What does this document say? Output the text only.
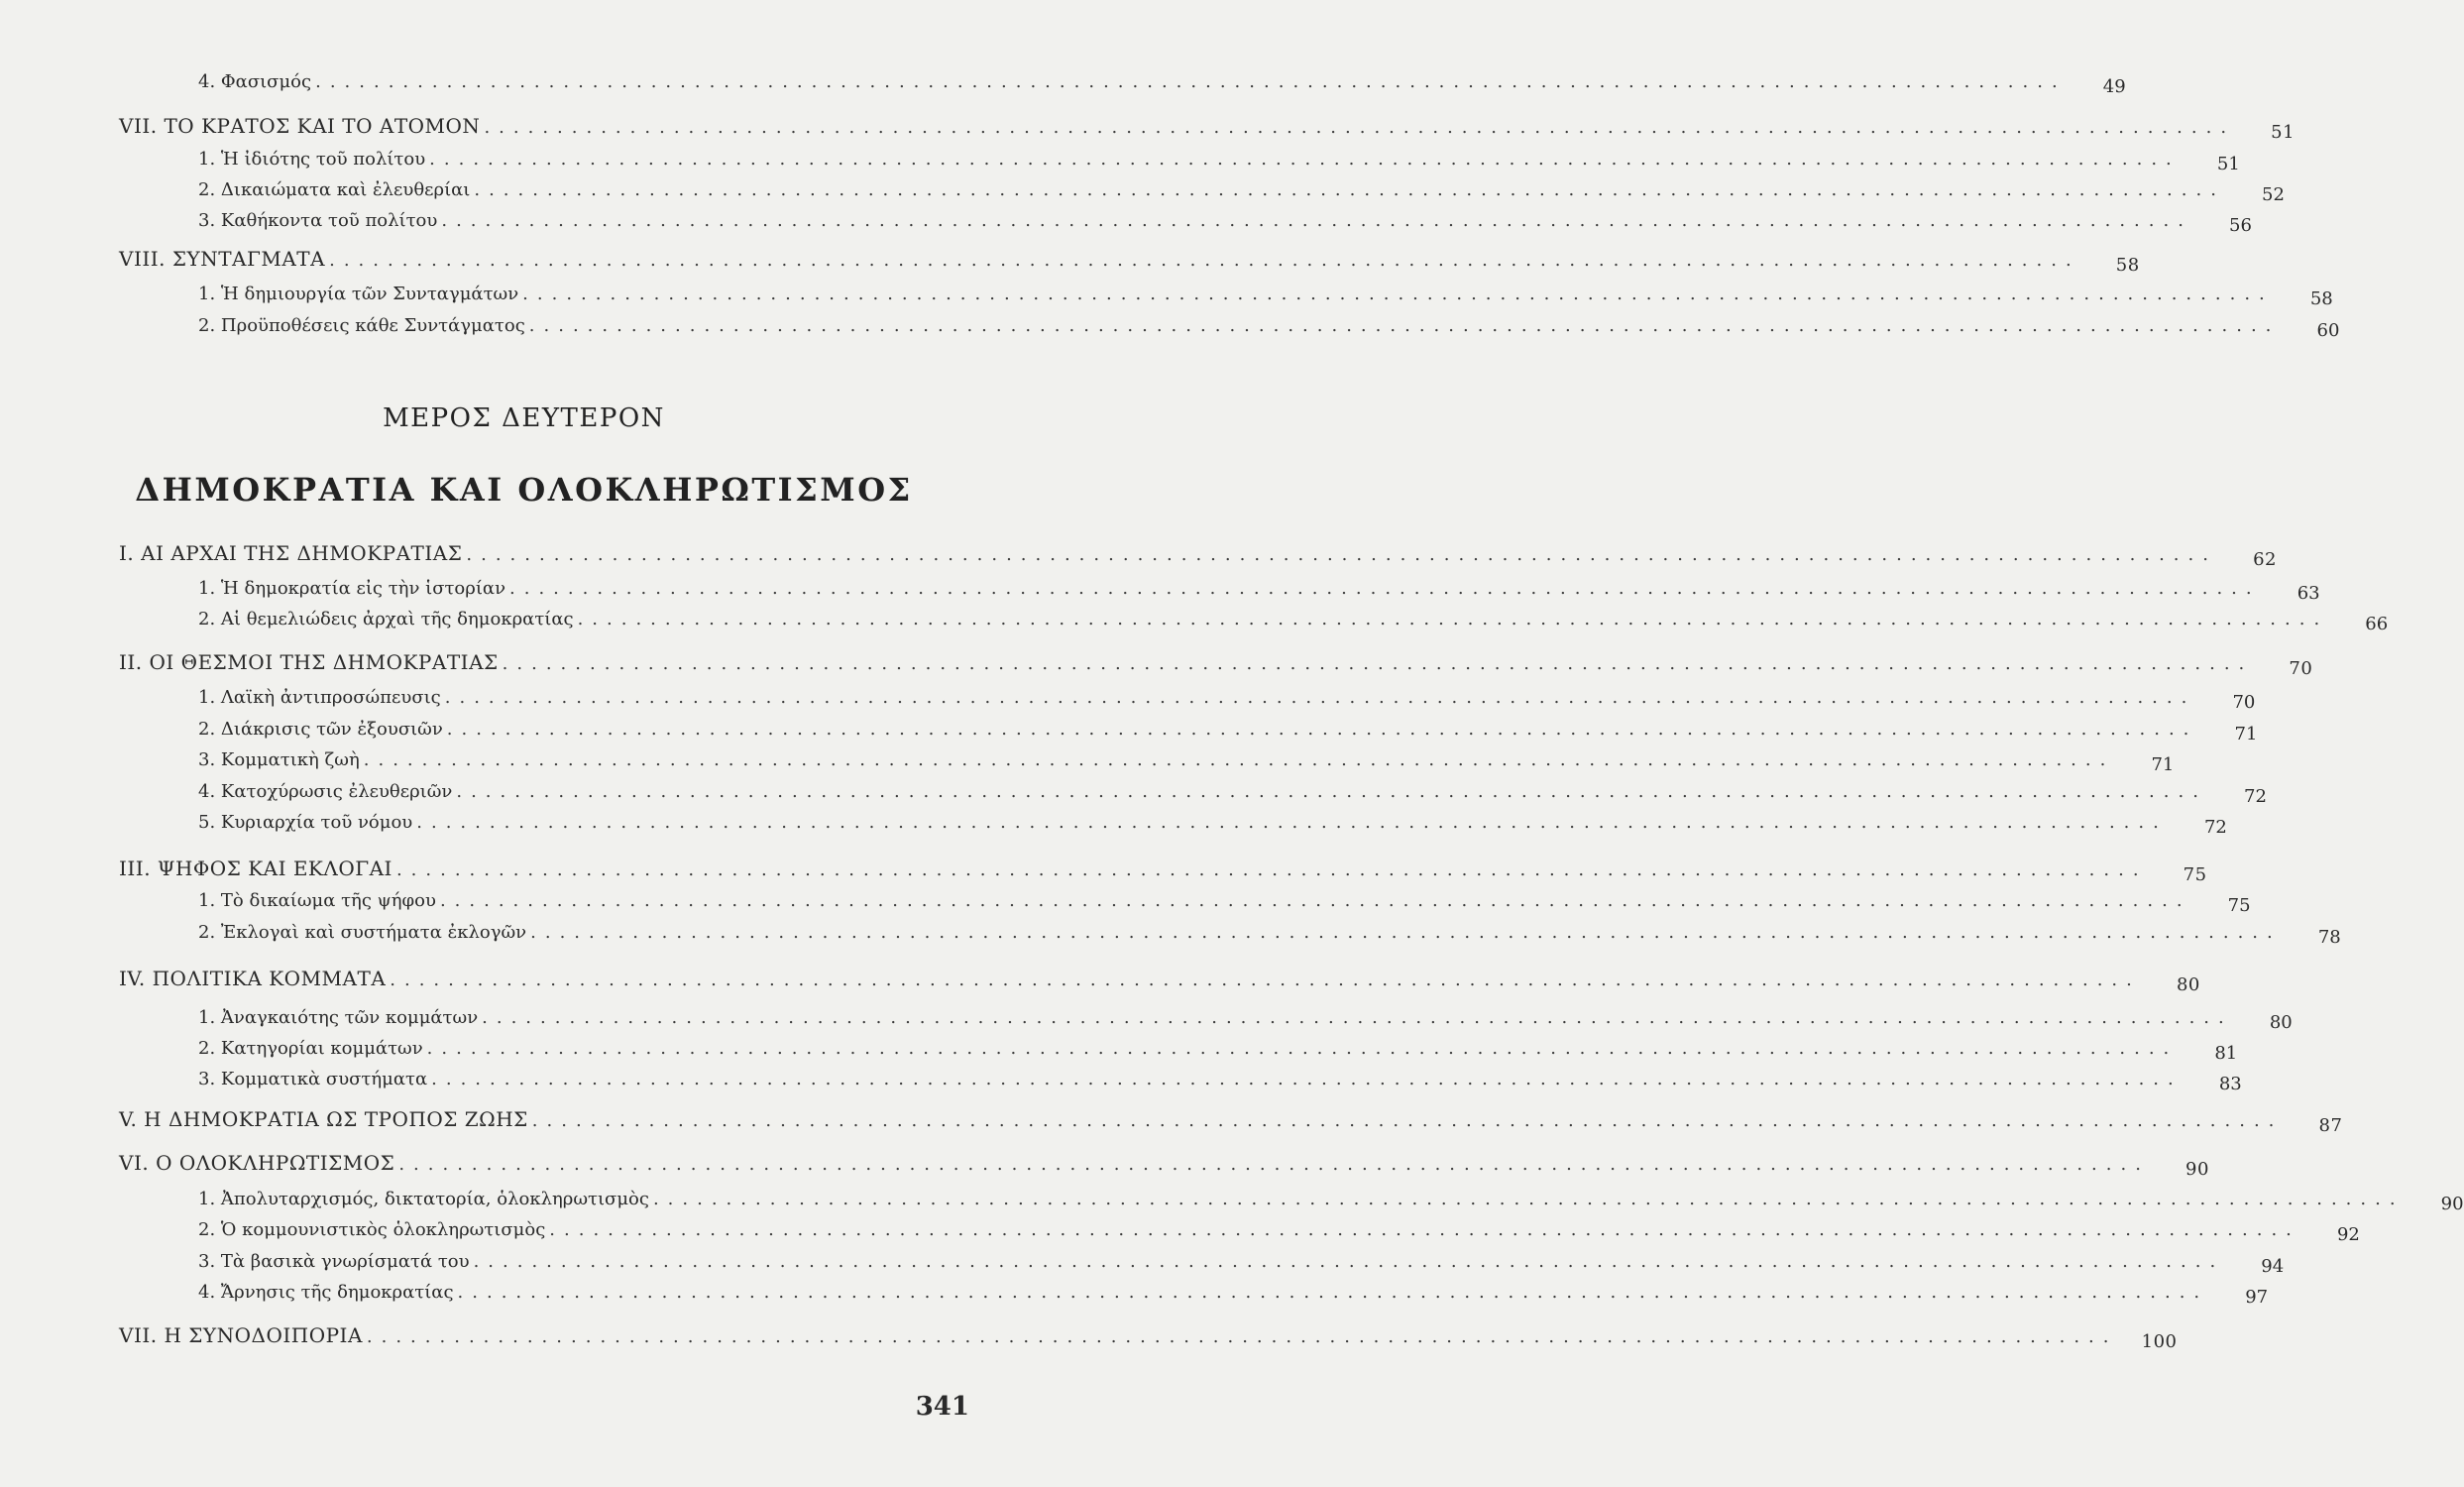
4. Φασισμός ........................................................................................................................	49
VII. ΤΟ ΚΡΑΤΟΣ ΚΑΙ ΤΟ ΑΤΟΜΟΝ ........................................................................................................................	51
1. Ἡ ἰδιότης τοῦ πολίτου ........................................................................................................................	51
2. Δικαιώματα καὶ ἐλευθερίαι ........................................................................................................................	52
3. Καθήκοντα τοῦ πολίτου ........................................................................................................................	56
VIII. ΣΥΝΤΑΓΜΑΤΑ ........................................................................................................................	58
1. Ἡ δημιουργία τῶν Συνταγμάτων ........................................................................................................................	58
2. Προϋποθέσεις κάθε Συντάγματος ........................................................................................................................	60
ΜΕΡΟΣ ΔΕΥΤΕΡΟΝ
ΔΗΜΟΚΡΑΤΙΑ ΚΑΙ ΟΛΟΚΛΗΡΩΤΙΣΜΟΣ
I. ΑΙ ΑΡΧΑΙ ΤΗΣ ΔΗΜΟΚΡΑΤΙΑΣ ........................................................................................................................	62
1. Ἡ δημοκρατία εἰς τὴν ἱστορίαν ........................................................................................................................	63
2. Αἱ θεμελιώδεις ἀρχαὶ τῆς δημοκρατίας ........................................................................................................................	66
II. ΟΙ ΘΕΣΜΟΙ ΤΗΣ ΔΗΜΟΚΡΑΤΙΑΣ ........................................................................................................................	70
1. Λαϊκὴ ἀντιπροσώπευσις ........................................................................................................................	70
2. Διάκρισις τῶν ἐξουσιῶν ........................................................................................................................	71
3. Κομματικὴ ζωὴ ........................................................................................................................	71
4. Κατοχύρωσις ἐλευθεριῶν ........................................................................................................................	72
5. Κυριαρχία τοῦ νόμου ........................................................................................................................	72
III. ΨΗΦΟΣ ΚΑΙ ΕΚΛΟΓΑΙ ........................................................................................................................	75
1. Τὸ δικαίωμα τῆς ψήφου ........................................................................................................................	75
2. Ἐκλογαὶ καὶ συστήματα ἐκλογῶν ........................................................................................................................	78
IV. ΠΟΛΙΤΙΚΑ ΚΟΜΜΑΤΑ ........................................................................................................................	80
1. Ἀναγκαιότης τῶν κομμάτων ........................................................................................................................	80
2. Κατηγορίαι κομμάτων ........................................................................................................................	81
3. Κομματικὰ συστήματα ........................................................................................................................	83
V. Η ΔΗΜΟΚΡΑΤΙΑ ΩΣ ΤΡΟΠΟΣ ΖΩΗΣ ........................................................................................................................	87
VI. Ο ΟΛΟΚΛΗΡΩΤΙΣΜΟΣ ........................................................................................................................	90
1. Ἀπολυταρχισμός, δικτατορία, ὁλοκληρωτισμὸς ........................................................................................................................	90
2. Ὁ κομμουνιστικὸς ὁλοκληρωτισμὸς ........................................................................................................................	92
3. Τὰ βασικὰ γνωρίσματά του ........................................................................................................................	94
4. Ἄρνησις τῆς δημοκρατίας ........................................................................................................................	97
VII. Η ΣΥΝΟΔΟΙΠΟΡΙΑ ........................................................................................................................	100
341
